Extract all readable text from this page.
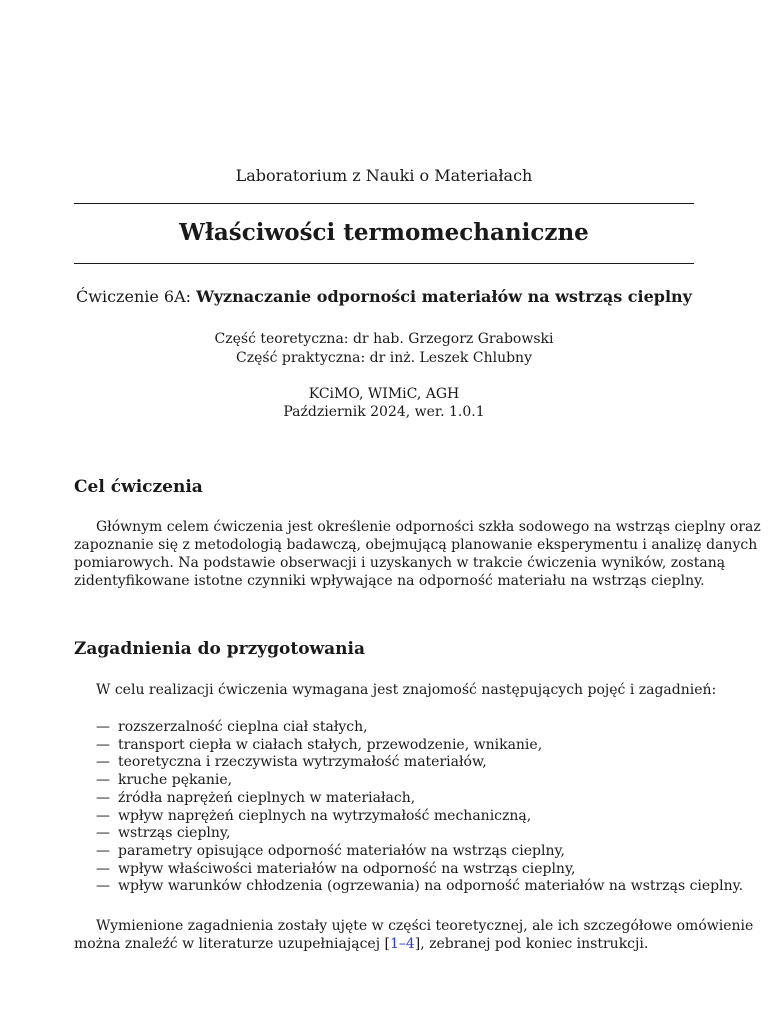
Laboratorium z Nauki o Materiałach
Właściwości termomechaniczne
Ćwiczenie 6A: Wyznaczanie odporności materiałów na wstrząs cieplny
Część teoretyczna: dr hab. Grzegorz Grabowski
Część praktyczna: dr inż. Leszek Chlubny
KCiMO, WIMiC, AGH
Październik 2024, wer. 1.0.1
Cel ćwiczenia
Głównym celem ćwiczenia jest określenie odporności szkła sodowego na wstrząs cieplny oraz
zapoznanie się z metodologią badawczą, obejmującą planowanie eksperymentu i analizę danych
pomiarowych. Na podstawie obserwacji i uzyskanych w trakcie ćwiczenia wyników, zostaną
zidentyfikowane istotne czynniki wpływające na odporność materiału na wstrząs cieplny.
Zagadnienia do przygotowania
W celu realizacji ćwiczenia wymagana jest znajomość następujących pojęć i zagadnień:
— rozszerzalność cieplna ciał stałych,
— transport ciepła w ciałach stałych, przewodzenie, wnikanie,
— teoretyczna i rzeczywista wytrzymałość materiałów,
— kruche pękanie,
— źródła naprężeń cieplnych w materiałach,
— wpływ naprężeń cieplnych na wytrzymałość mechaniczną,
— wstrząs cieplny,
— parametry opisujące odporność materiałów na wstrząs cieplny,
— wpływ właściwości materiałów na odporność na wstrząs cieplny,
— wpływ warunków chłodzenia (ogrzewania) na odporność materiałów na wstrząs cieplny.
Wymienione zagadnienia zostały ujęte w części teoretycznej, ale ich szczegółowe omówienie
można znaleźć w literaturze uzupełniającej [1–4], zebranej pod koniec instrukcji.
